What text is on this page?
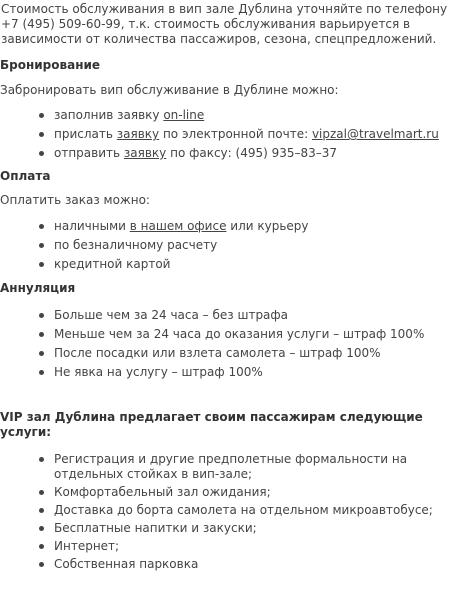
Стоимость обслуживания в вип зале Дублина уточняйте по телефону +7 (495) 509-60-99, т.к. стоимость обслуживания варьируется в зависимости от количества пассажиров, сезона, спецпредложений.

Бронирование

Забронировать вип обслуживание в Дублине можно:

заполнив заявку on-line
прислать заявку по электронной почте: vipzal@travelmart.ru
отправить заявку по факсу: (495) 935–83–37
Оплата

Оплатить заказ можно:

наличными в нашем офисе или курьеру
по безналичному расчету
кредитной картой
Аннуляция
Больше чем за 24 часа – без штрафа
Меньше чем за 24 часа до оказания услуги – штраф 100%
После посадки или взлета самолета – штраф 100%
Не явка на услугу – штраф 100%
VIP зал Дублина предлагает своим пассажирам следующие услуги:
Регистрация и другие предполетные формальности на отдельных стойках в вип-зале;
Комфортабельный зал ожидания;
Доставка до борта самолета на отдельном микроавтобусе;
Бесплатные напитки и закуски;
Интернет;
Собственная парковка
